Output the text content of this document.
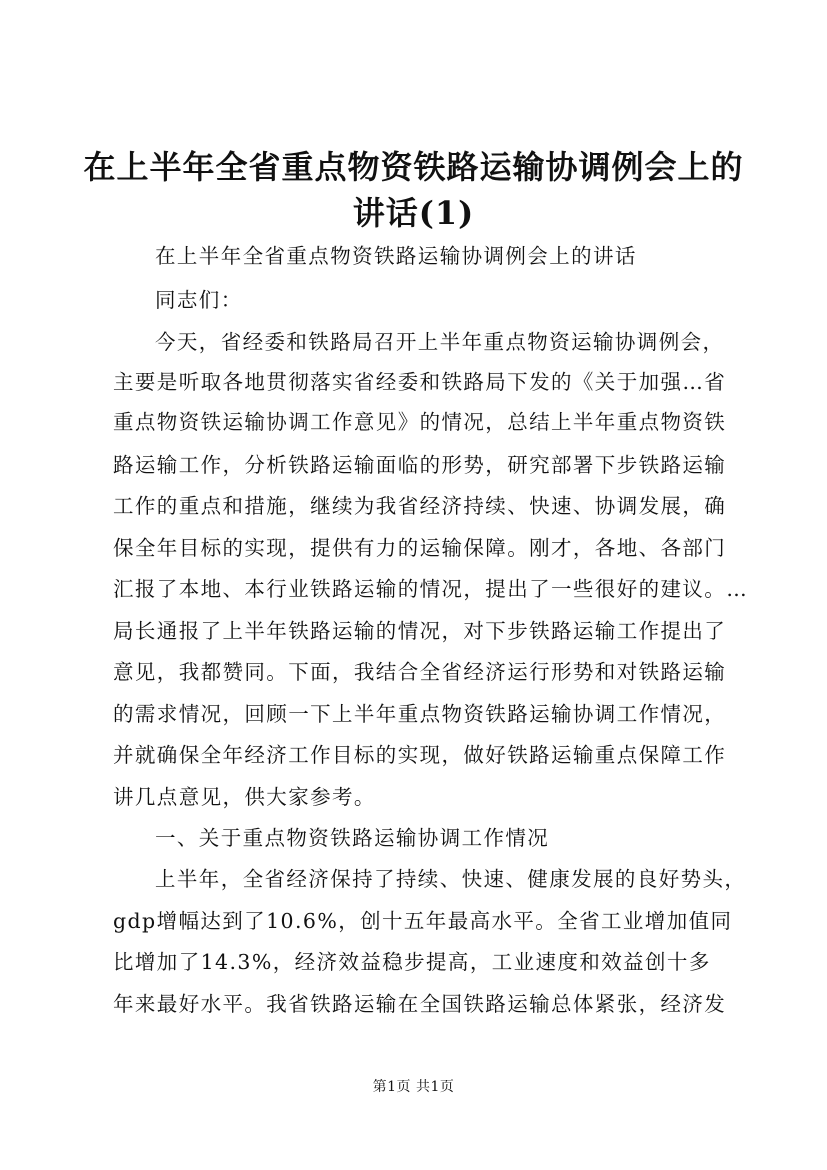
在上半年全省重点物资铁路运输协调例会上的
讲话(1)
在上半年全省重点物资铁路运输协调例会上的讲话
同志们：
今天，省经委和铁路局召开上半年重点物资运输协调例会，
主要是听取各地贯彻落实省经委和铁路局下发的《关于加强…省
重点物资铁运输协调工作意见》的情况，总结上半年重点物资铁
路运输工作，分析铁路运输面临的形势，研究部署下步铁路运输
工作的重点和措施，继续为我省经济持续、快速、协调发展，确
保全年目标的实现，提供有力的运输保障。刚才，各地、各部门
汇报了本地、本行业铁路运输的情况，提出了一些很好的建议。…
局长通报了上半年铁路运输的情况，对下步铁路运输工作提出了
意见，我都赞同。下面，我结合全省经济运行形势和对铁路运输
的需求情况，回顾一下上半年重点物资铁路运输协调工作情况，
并就确保全年经济工作目标的实现，做好铁路运输重点保障工作
讲几点意见，供大家参考。
一、关于重点物资铁路运输协调工作情况
上半年，全省经济保持了持续、快速、健康发展的良好势头，
gdp增幅达到了10.6%，创十五年最高水平。全省工业增加值同
比增加了14.3%，经济效益稳步提高，工业速度和效益创十多
年来最好水平。我省铁路运输在全国铁路运输总体紧张，经济发
第1页 共1页
